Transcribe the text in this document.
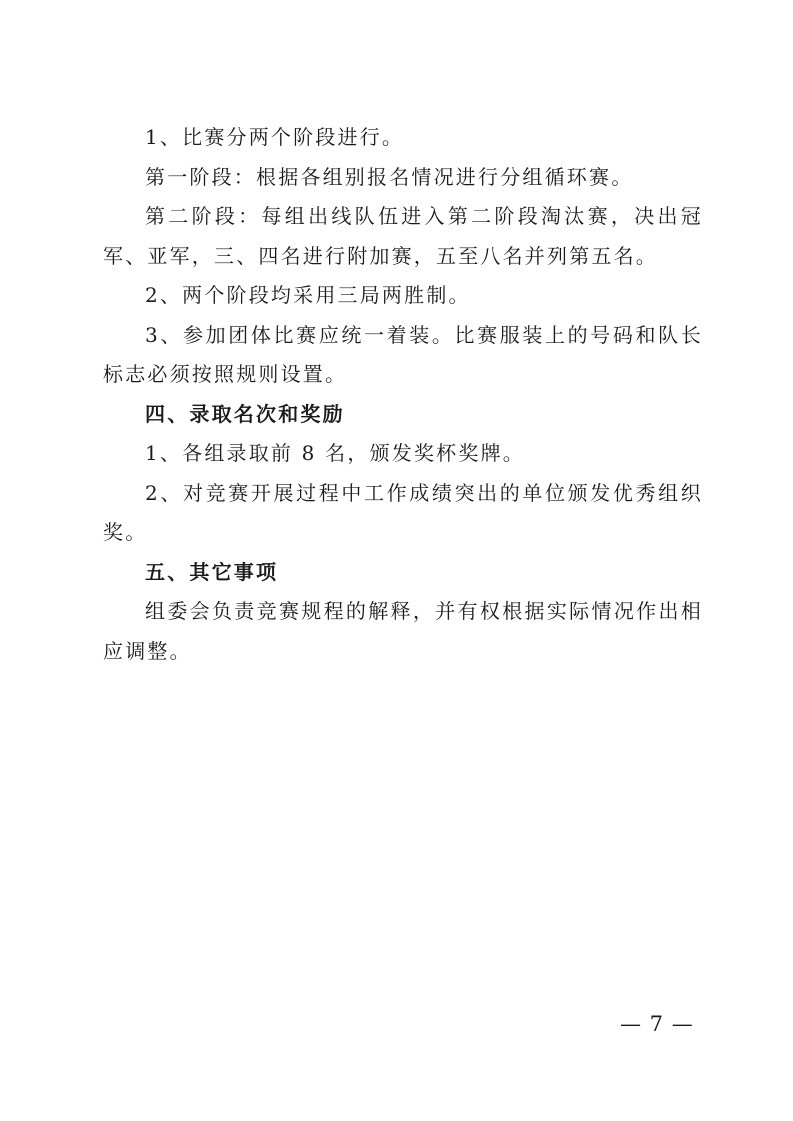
1、比赛分两个阶段进行。

第一阶段：根据各组别报名情况进行分组循环赛。

第二阶段：每组出线队伍进入第二阶段淘汰赛，决出冠军、亚军，三、四名进行附加赛，五至八名并列第五名。

2、两个阶段均采用三局两胜制。

3、参加团体比赛应统一着装。比赛服装上的号码和队长标志必须按照规则设置。

四、录取名次和奖励

1、各组录取前 8 名，颁发奖杯奖牌。

2、对竞赛开展过程中工作成绩突出的单位颁发优秀组织奖。

五、其它事项

组委会负责竞赛规程的解释，并有权根据实际情况作出相应调整。

— 7 —
